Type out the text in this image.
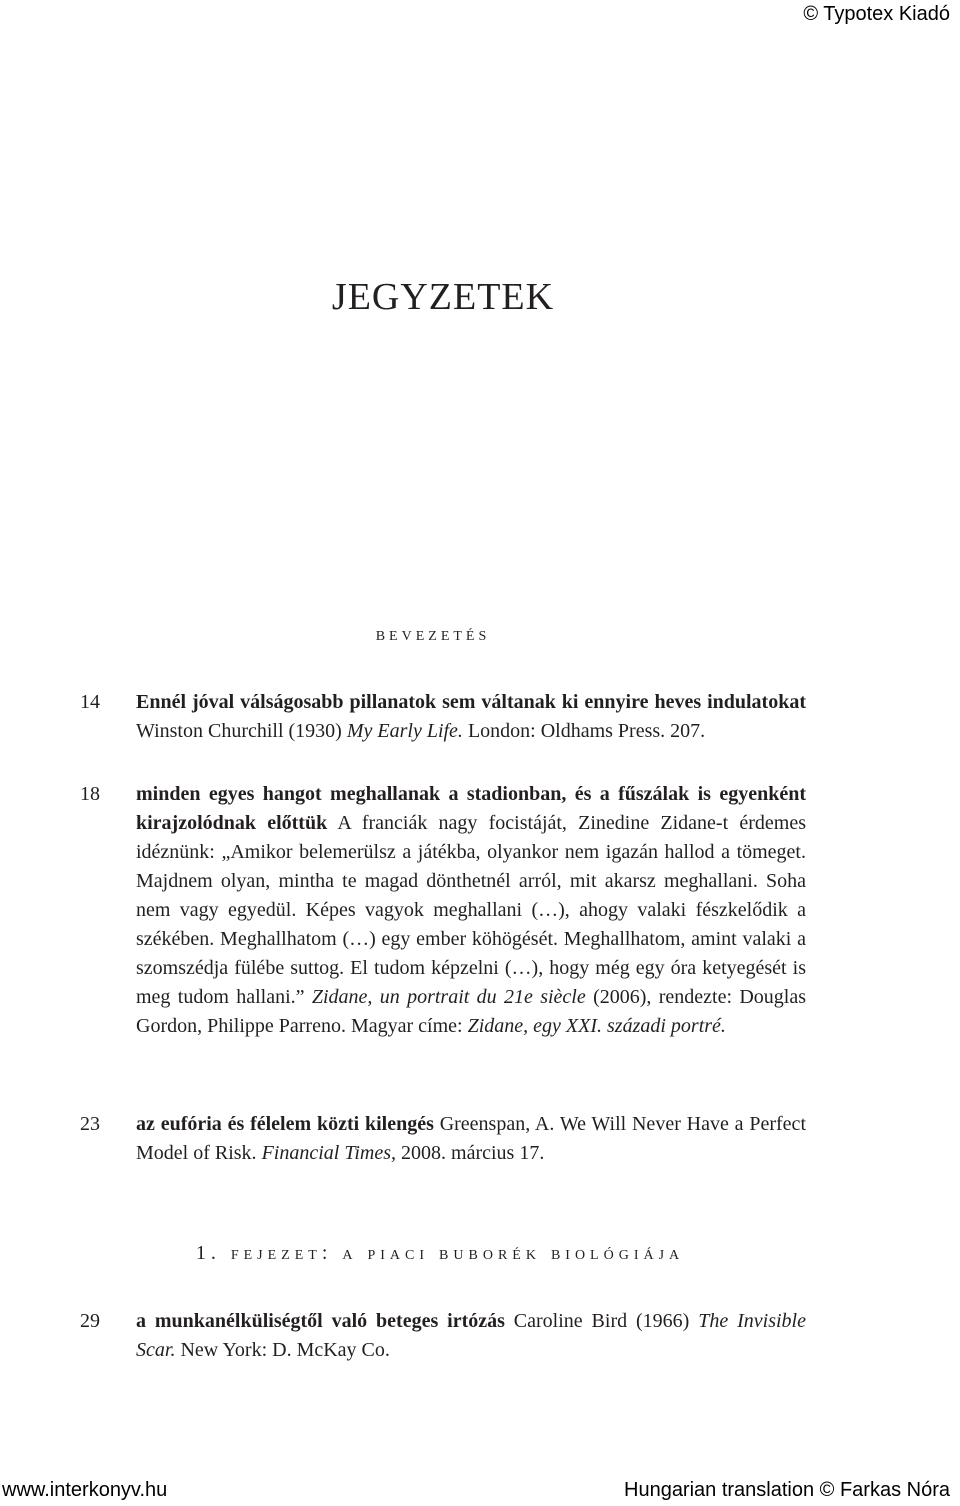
© Typotex Kiadó
JEGYZETEK
bevezetés
14	Ennél jóval válságosabb pillanatok sem váltanak ki ennyire heves indulatokat Winston Churchill (1930) My Early Life. London: Oldhams Press. 207.
18	minden egyes hangot meghallanak a stadionban, és a fűszálak is egyenként kirajzolódnak előttük A franciák nagy focistáját, Zinedine Zidane-t érdemes idéznünk: „Amikor belemerülsz a játékba, olyankor nem igazán hallod a tömeget. Majdnem olyan, mintha te magad dönthetnél arról, mit akarsz meghallani. Soha nem vagy egyedül. Képes vagyok meghallani (…), ahogy valaki fészkelődik a székében. Meghallhatom (…) egy ember köhögését. Meghallhatom, amint valaki a szomszédja fülébe suttog. El tudom képzelni (…), hogy még egy óra ketyegését is meg tudom hallani.” Zidane, un portrait du 21e siècle (2006), rendezte: Douglas Gordon, Philippe Parreno. Magyar címe: Zidane, egy XXI. századi portré.
23	az eufória és félelem közti kilengés Greenspan, A. We Will Never Have a Perfect Model of Risk. Financial Times, 2008. március 17.
1. fejezet: a piaci buborék biológiája
29	a munkanélküliségtől való beteges irtózás Caroline Bird (1966) The Invisible Scar. New York: D. McKay Co.
www.interkonyv.hu	Hungarian translation © Farkas Nóra
